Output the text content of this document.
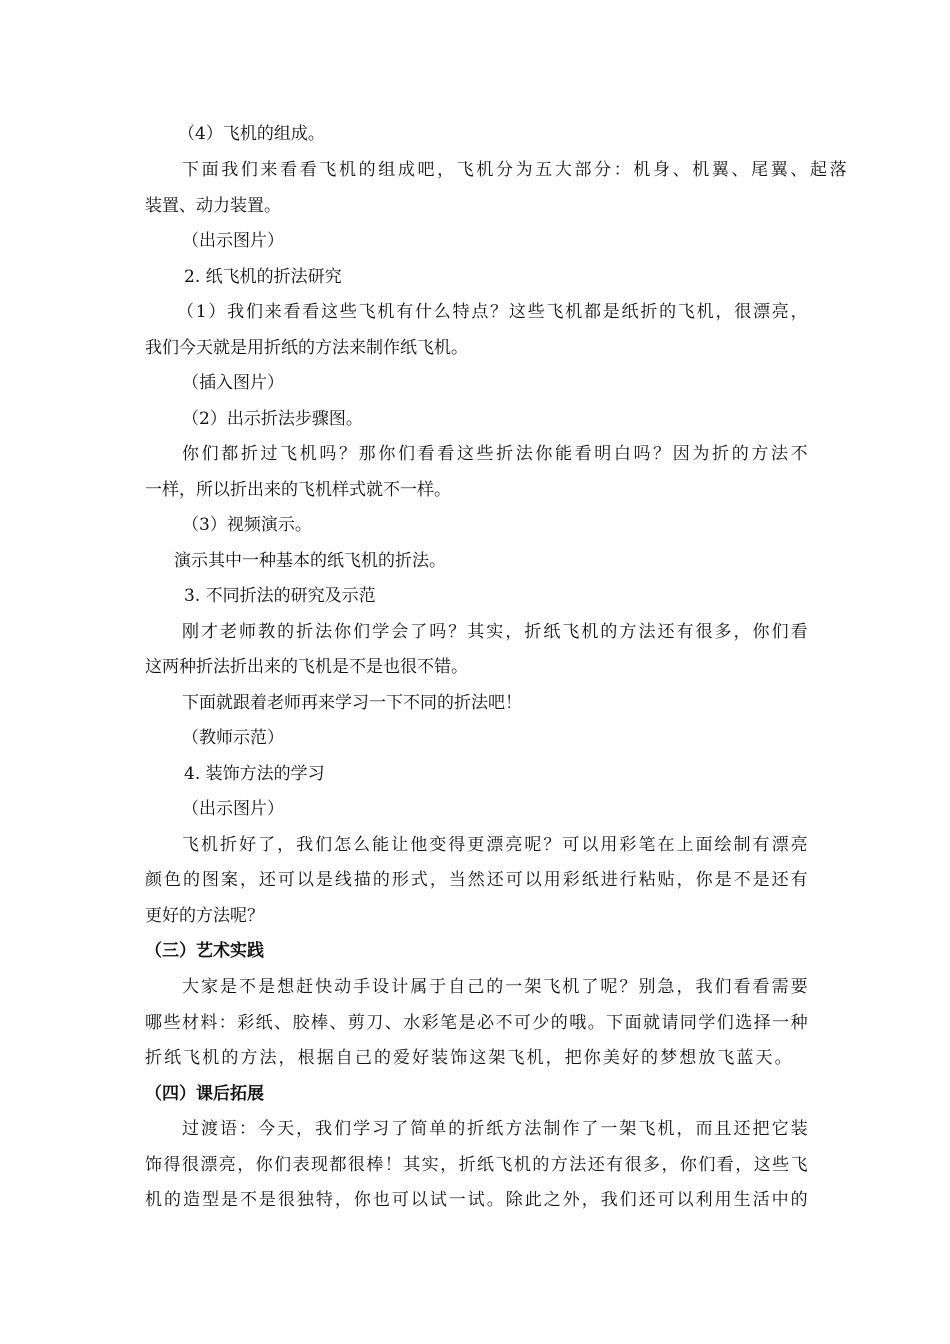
（4）飞机的组成。
下面我们来看看飞机的组成吧，飞机分为五大部分：机身、机翼、尾翼、起落
装置、动力装置。
（出示图片）
2. 纸飞机的折法研究
（1）我们来看看这些飞机有什么特点？这些飞机都是纸折的飞机，很漂亮，
我们今天就是用折纸的方法来制作纸飞机。
（插入图片）
（2）出示折法步骤图。
你们都折过飞机吗？那你们看看这些折法你能看明白吗？因为折的方法不
一样，所以折出来的飞机样式就不一样。
（3）视频演示。
演示其中一种基本的纸飞机的折法。
3. 不同折法的研究及示范
刚才老师教的折法你们学会了吗？其实，折纸飞机的方法还有很多，你们看
这两种折法折出来的飞机是不是也很不错。
下面就跟着老师再来学习一下不同的折法吧！
（教师示范）
4. 装饰方法的学习
（出示图片）
飞机折好了，我们怎么能让他变得更漂亮呢？可以用彩笔在上面绘制有漂亮
颜色的图案，还可以是线描的形式，当然还可以用彩纸进行粘贴，你是不是还有
更好的方法呢？
（三）艺术实践
大家是不是想赶快动手设计属于自己的一架飞机了呢？别急，我们看看需要
哪些材料：彩纸、胶棒、剪刀、水彩笔是必不可少的哦。下面就请同学们选择一种
折纸飞机的方法，根据自己的爱好装饰这架飞机，把你美好的梦想放飞蓝天。
（四）课后拓展
过渡语：今天，我们学习了简单的折纸方法制作了一架飞机，而且还把它装
饰得很漂亮，你们表现都很棒！其实，折纸飞机的方法还有很多，你们看，这些飞
机的造型是不是很独特，你也可以试一试。除此之外，我们还可以利用生活中的
